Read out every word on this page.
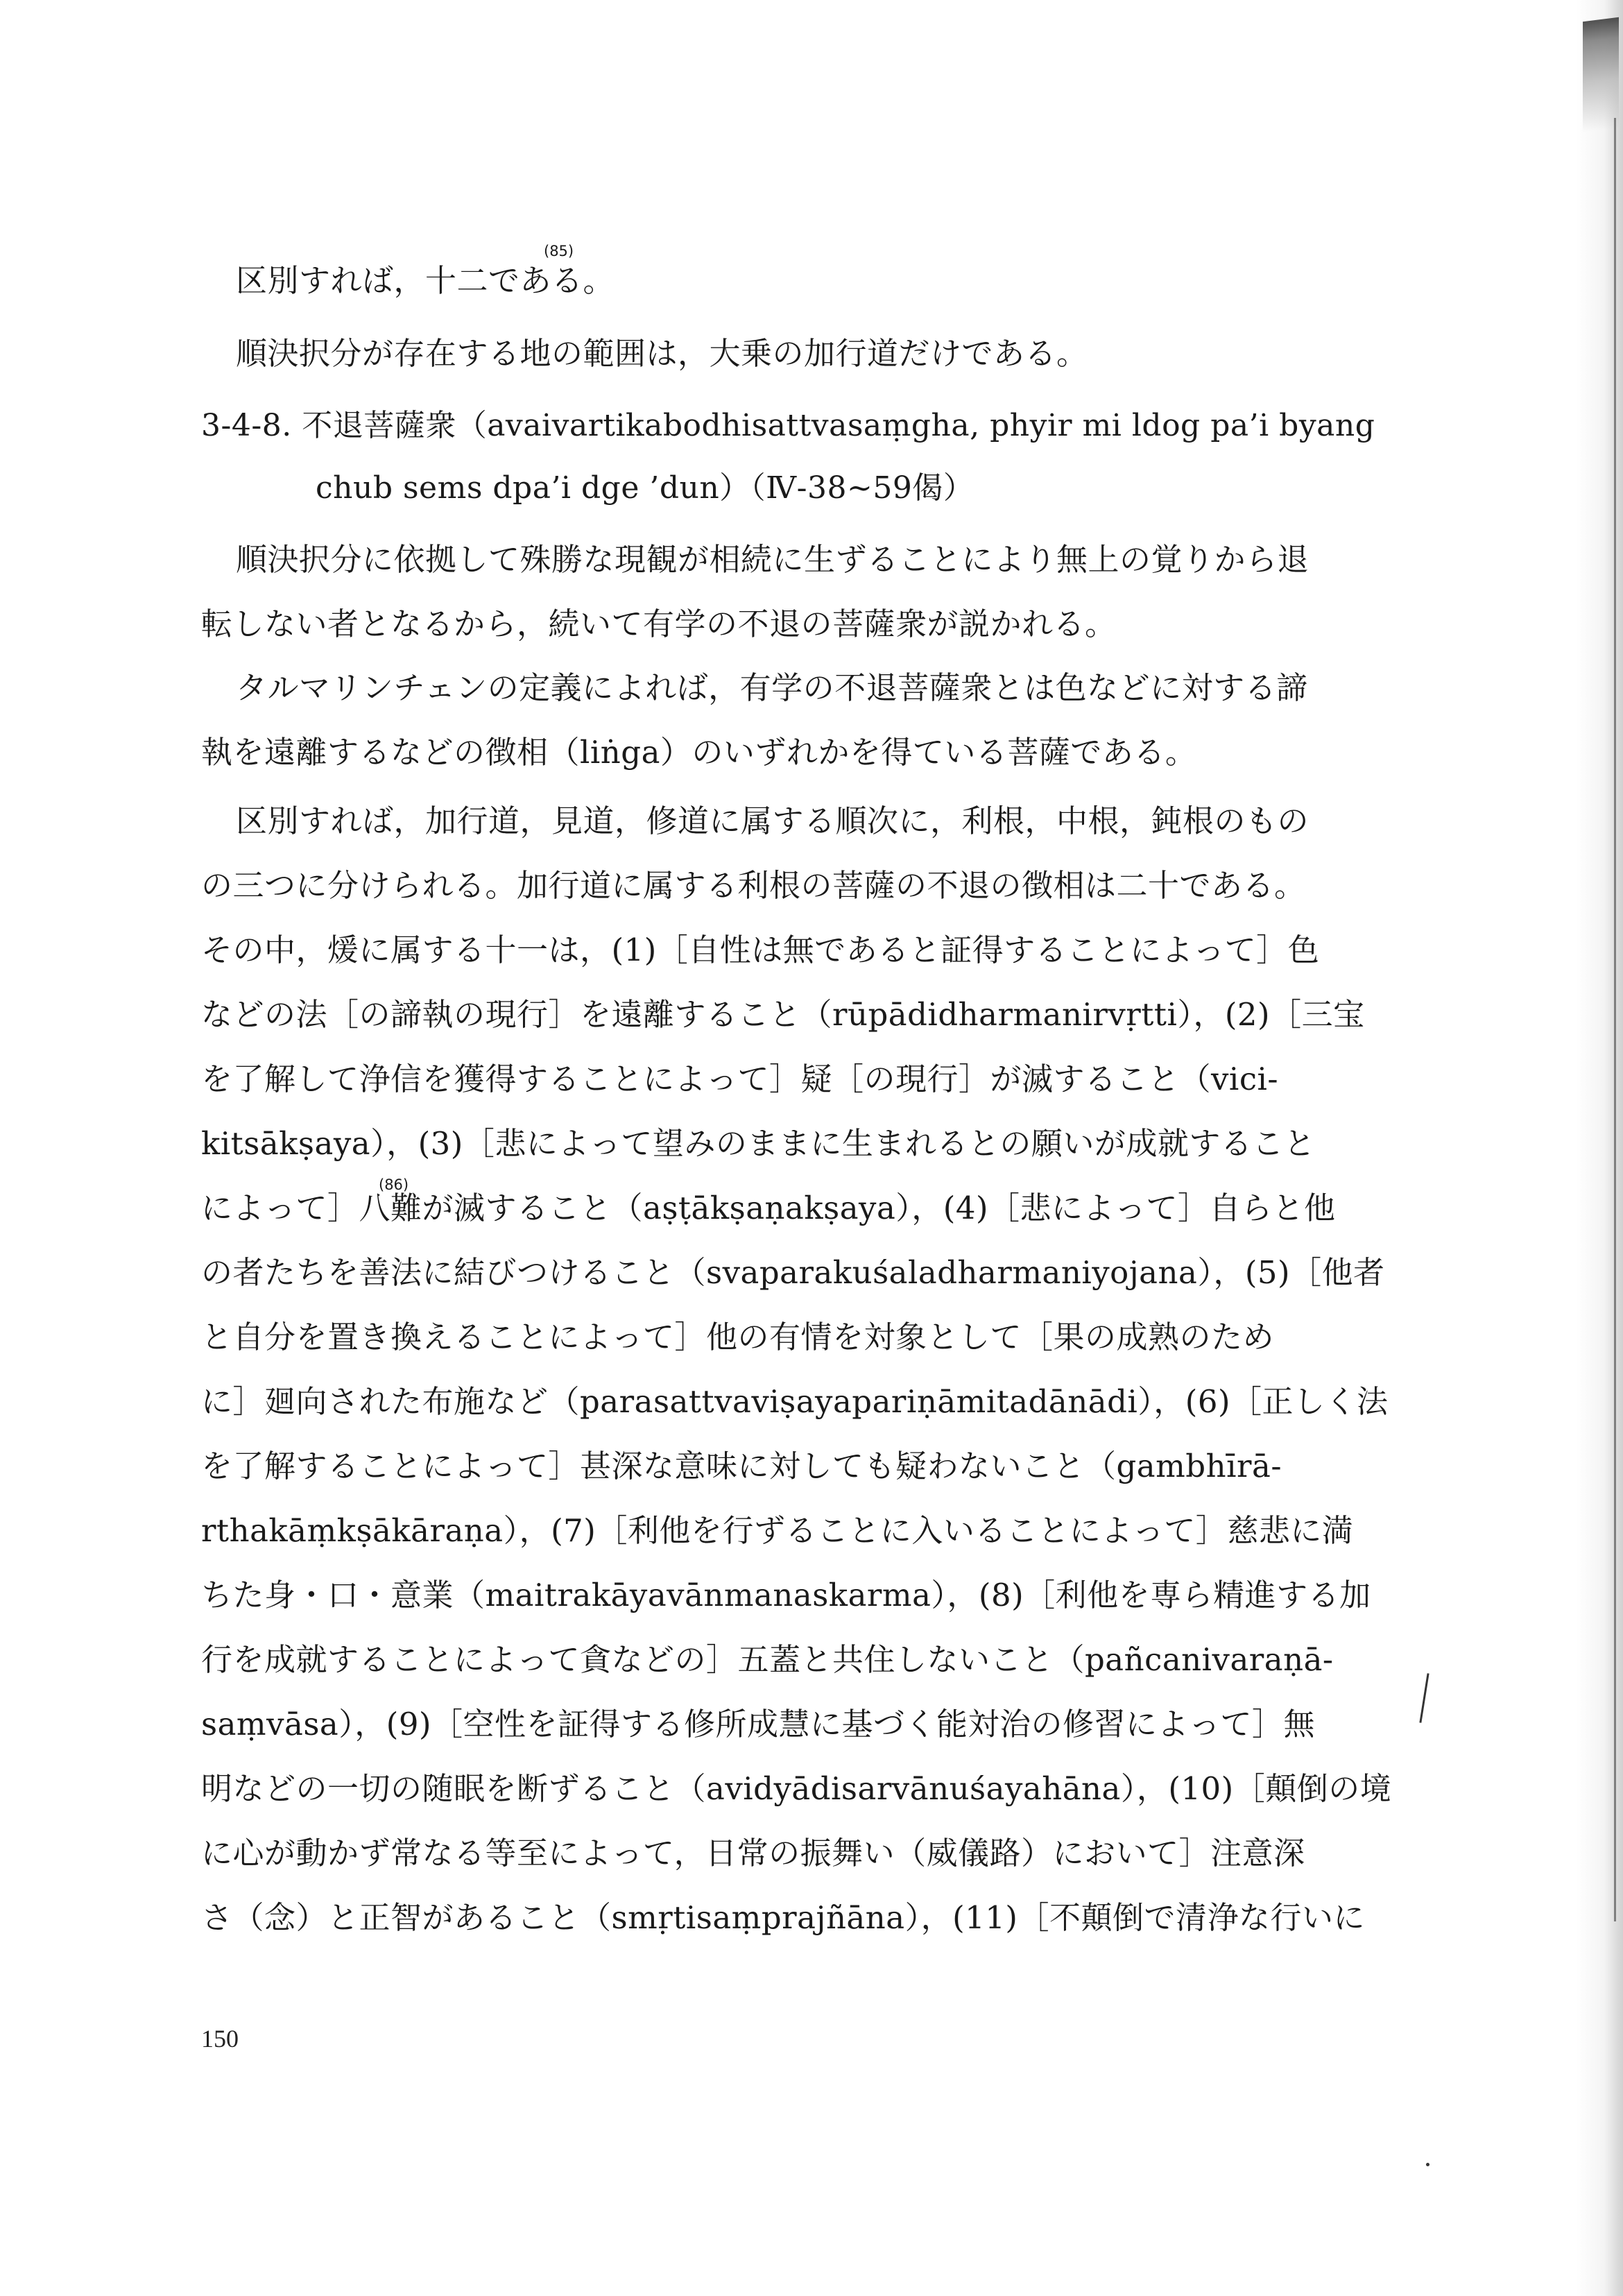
区別すれば，十二である。
(85)
順決択分が存在する地の範囲は，大乗の加行道だけである。
3-4-8. 不退菩薩衆（avaivartikabodhisattvasaṃgha, phyir mi ldog pa’i byang
chub sems dpa’i dge ’dun）（Ⅳ-38~59偈）
順決択分に依拠して殊勝な現観が相続に生ずることにより無上の覚りから退
転しない者となるから，続いて有学の不退の菩薩衆が説かれる。
タルマリンチェンの定義によれば，有学の不退菩薩衆とは色などに対する諦
執を遠離するなどの徴相（liṅga）のいずれかを得ている菩薩である。
区別すれば，加行道，見道，修道に属する順次に，利根，中根，鈍根のもの
の三つに分けられる。加行道に属する利根の菩薩の不退の徴相は二十である。
その中，煖に属する十一は，(1)［自性は無であると証得することによって］色
などの法［の諦執の現行］を遠離すること（rūpādidharmanirvṛtti），(2)［三宝
を了解して浄信を獲得することによって］疑［の現行］が滅すること（vici-
kitsākṣaya），(3)［悲によって望みのままに生まれるとの願いが成就すること
(86)
によって］八難が滅すること（aṣṭākṣaṇakṣaya），(4)［悲によって］自らと他
の者たちを善法に結びつけること（svaparakuśaladharmaniyojana），(5)［他者
と自分を置き換えることによって］他の有情を対象として［果の成熟のため
に］廻向された布施など（parasattvaviṣayapariṇāmitadānādi），(6)［正しく法
を了解することによって］甚深な意味に対しても疑わないこと（gambhīrā-
rthakāṃkṣākāraṇa），(7)［利他を行ずることに入いることによって］慈悲に満
ちた身・口・意業（maitrakāyavānmanaskarma），(8)［利他を専ら精進する加
行を成就することによって貪などの］五蓋と共住しないこと（pañcanivaraṇā-
saṃvāsa），(9)［空性を証得する修所成慧に基づく能対治の修習によって］無
明などの一切の随眠を断ずること（avidyādisarvānuśayahāna），(10)［顛倒の境
に心が動かず常なる等至によって，日常の振舞い（威儀路）において］注意深
さ（念）と正智があること（smṛtisaṃprajñāna），(11)［不顛倒で清浄な行いに
150
